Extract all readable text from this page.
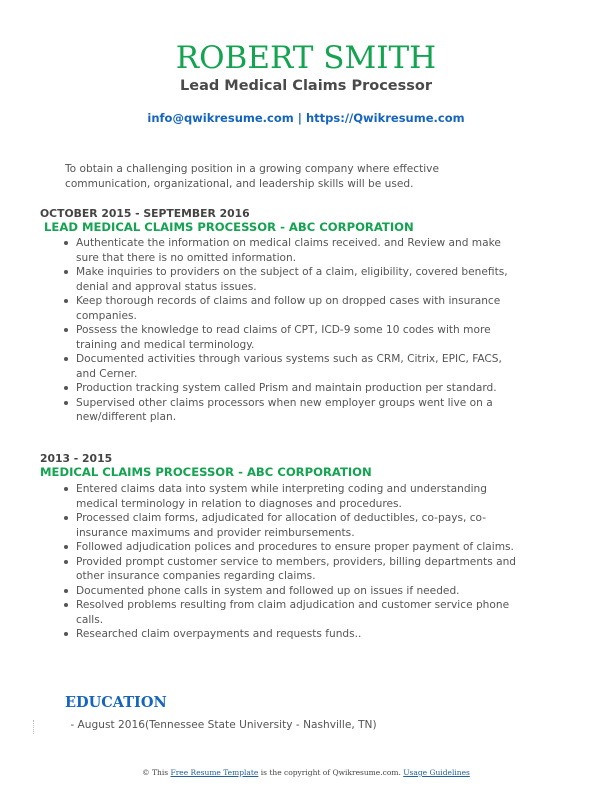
ROBERT SMITH
Lead Medical Claims Processor
info@qwikresume.com | https://Qwikresume.com
To obtain a challenging position in a growing company where effective communication, organizational, and leadership skills will be used.
OCTOBER 2015 - SEPTEMBER 2016
LEAD MEDICAL CLAIMS PROCESSOR - ABC CORPORATION
Authenticate the information on medical claims received. and Review and make sure that there is no omitted information.
Make inquiries to providers on the subject of a claim, eligibility, covered benefits, denial and approval status issues.
Keep thorough records of claims and follow up on dropped cases with insurance companies.
Possess the knowledge to read claims of CPT, ICD-9 some 10 codes with more training and medical terminology.
Documented activities through various systems such as CRM, Citrix, EPIC, FACS, and Cerner.
Production tracking system called Prism and maintain production per standard.
Supervised other claims processors when new employer groups went live on a new/different plan.
2013 - 2015
MEDICAL CLAIMS PROCESSOR - ABC CORPORATION
Entered claims data into system while interpreting coding and understanding medical terminology in relation to diagnoses and procedures.
Processed claim forms, adjudicated for allocation of deductibles, co-pays, co-insurance maximums and provider reimbursements.
Followed adjudication polices and procedures to ensure proper payment of claims.
Provided prompt customer service to members, providers, billing departments and other insurance companies regarding claims.
Documented phone calls in system and followed up on issues if needed.
Resolved problems resulting from claim adjudication and customer service phone calls.
Researched claim overpayments and requests funds..
EDUCATION
- August 2016(Tennessee State University - Nashville, TN)
© This Free Resume Template is the copyright of Qwikresume.com. Usage Guidelines
